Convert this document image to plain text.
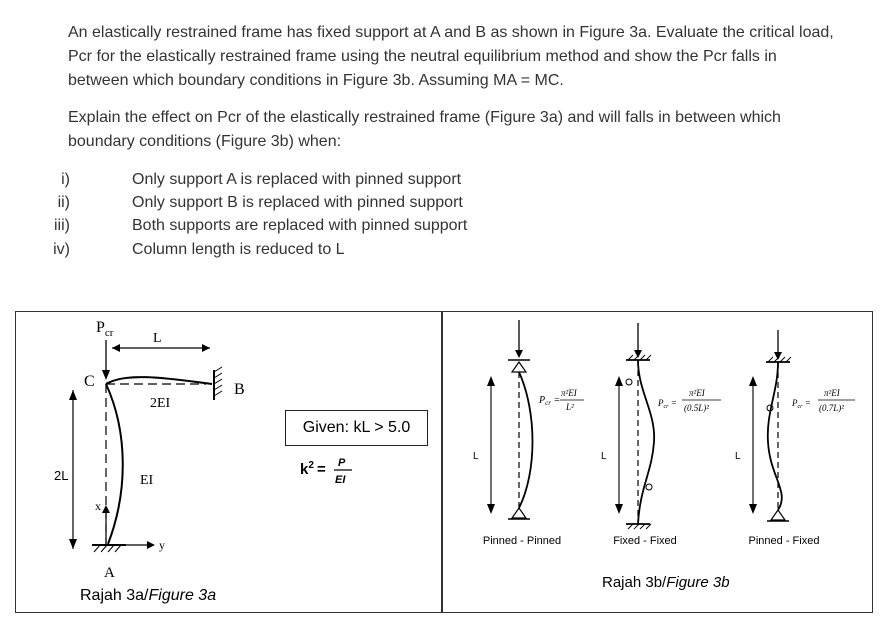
An elastically restrained frame has fixed support at A and B as shown in Figure 3a. Evaluate the critical load, Pcr for the elastically restrained frame using the neutral equilibrium method and show the Pcr falls in between which boundary conditions in Figure 3b. Assuming MA = MC.
Explain the effect on Pcr of the elastically restrained frame (Figure 3a) and will falls in between which boundary conditions (Figure 3b) when:
i)	Only support A is replaced with pinned support
ii)	Only support B is replaced with pinned support
iii)	Both supports are replaced with pinned support
iv)	Column length is reduced to L
$P_{cr}$	L
C	B
2EI
EI
2L
x
y
A
Rajah 3a/Figure 3a
Given: kL > 5.0
$k^2 = P$
EI
L
$P_{cr}$ =
π²EI
L²
Pinned - Pinned
L
$P_{cr}$ =
π²EI
(0.5L)²
Fixed - Fixed
L
$P_{cr}$ =
π²EI
(0.7L)²
Pinned - Fixed
Rajah 3b/Figure 3b
